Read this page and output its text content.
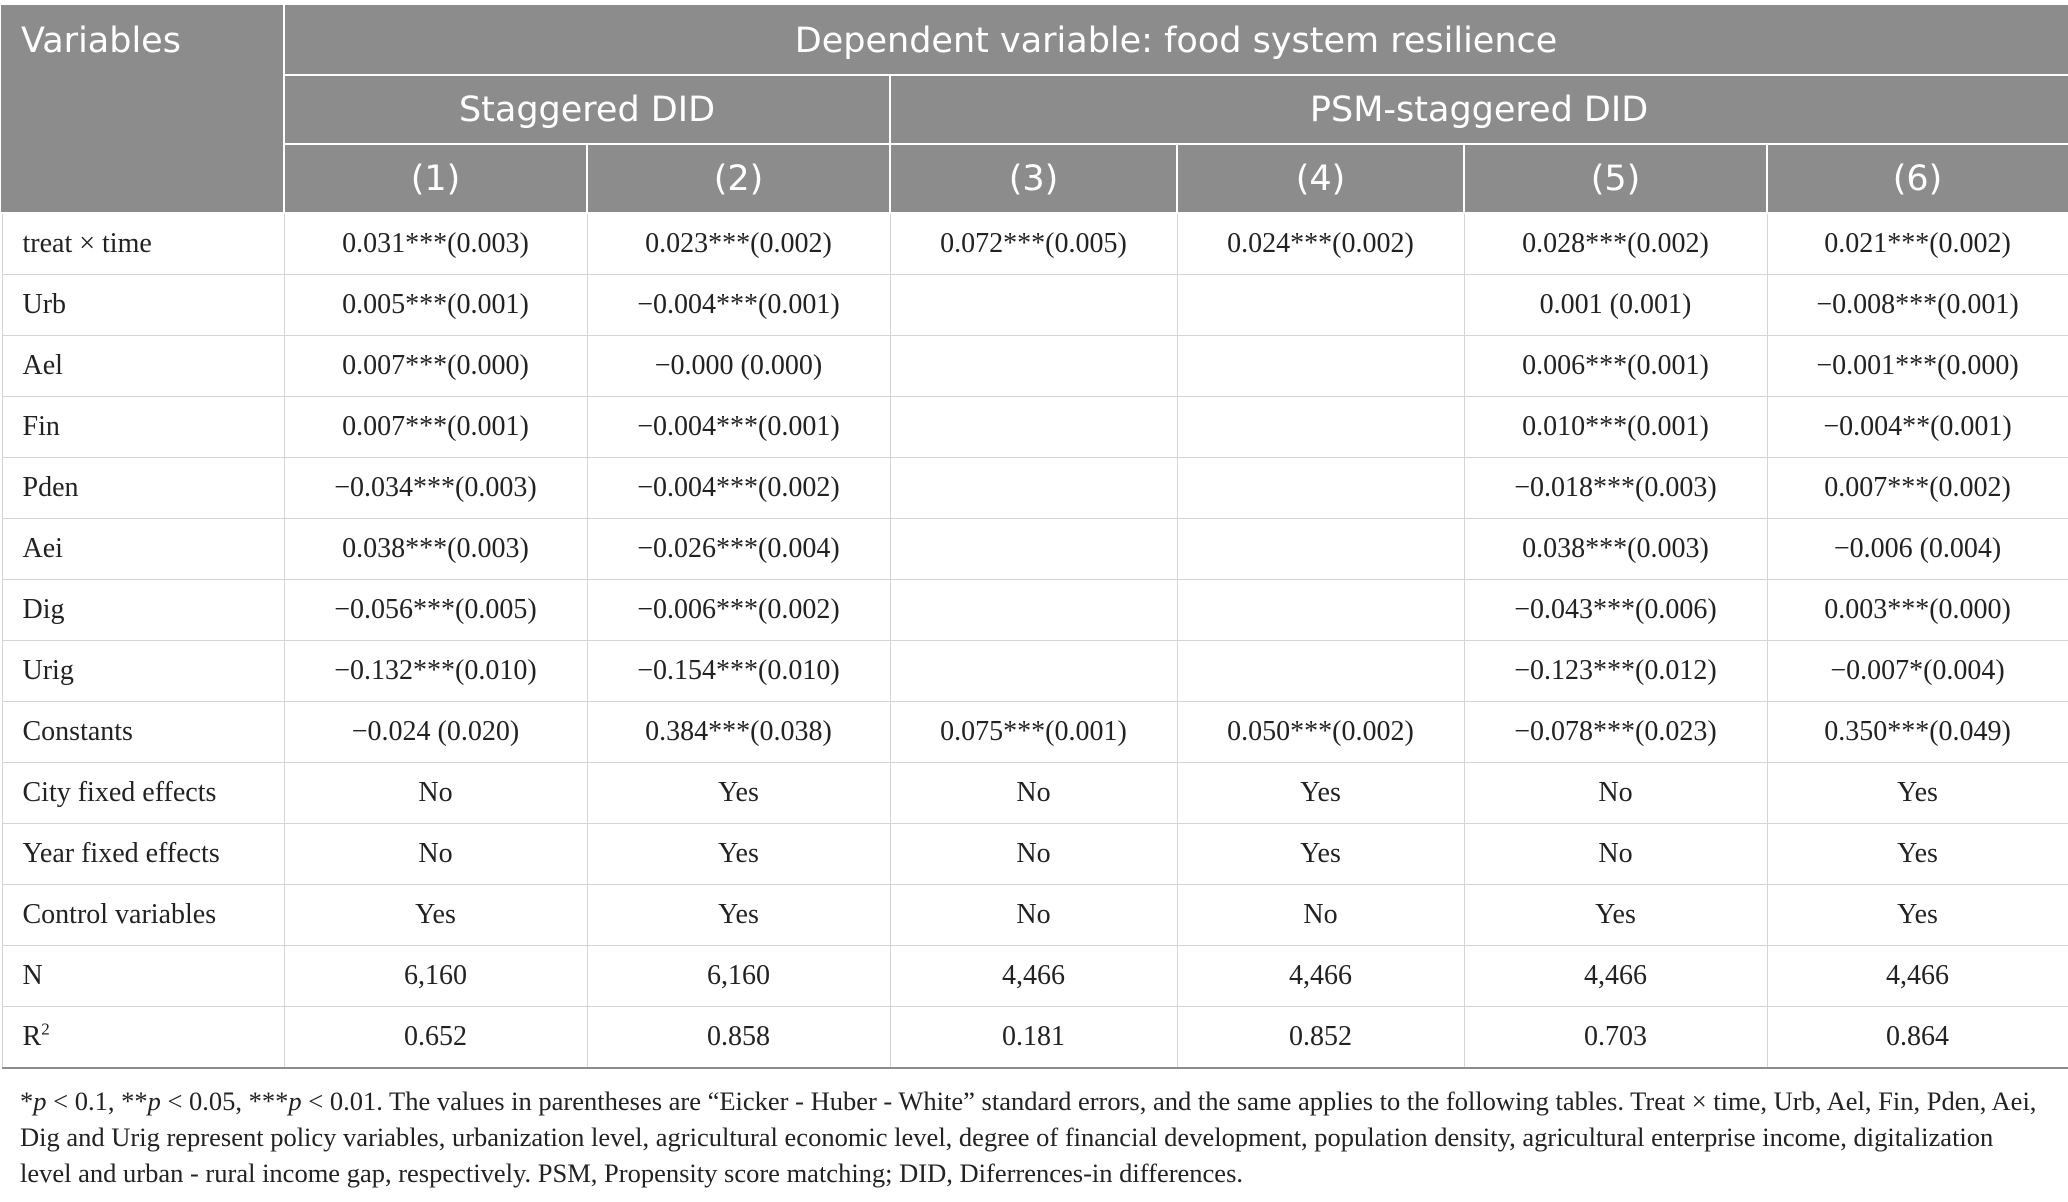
Variables	Dependent variable: food system resilience					
	Staggered DID		PSM-staggered DID			
	(1)	(2)	(3)	(4)	(5)	(6)
treat × time	0.031***(0.003)	0.023***(0.002)	0.072***(0.005)	0.024***(0.002)	0.028***(0.002)	0.021***(0.002)
Urb	0.005***(0.001)	−0.004***(0.001)			0.001 (0.001)	−0.008***(0.001)
Ael	0.007***(0.000)	−0.000 (0.000)			0.006***(0.001)	−0.001***(0.000)
Fin	0.007***(0.001)	−0.004***(0.001)			0.010***(0.001)	−0.004**(0.001)
Pden	−0.034***(0.003)	−0.004***(0.002)			−0.018***(0.003)	0.007***(0.002)
Aei	0.038***(0.003)	−0.026***(0.004)			0.038***(0.003)	−0.006 (0.004)
Dig	−0.056***(0.005)	−0.006***(0.002)			−0.043***(0.006)	0.003***(0.000)
Urig	−0.132***(0.010)	−0.154***(0.010)			−0.123***(0.012)	−0.007*(0.004)
Constants	−0.024 (0.020)	0.384***(0.038)	0.075***(0.001)	0.050***(0.002)	−0.078***(0.023)	0.350***(0.049)
City fixed effects	No	Yes	No	Yes	No	Yes
Year fixed effects	No	Yes	No	Yes	No	Yes
Control variables	Yes	Yes	No	No	Yes	Yes
N	6,160	6,160	4,466	4,466	4,466	4,466
$R^2$	0.652	0.858	0.181	0.852	0.703	0.864
*p < 0.1, **p < 0.05, ***p < 0.01. The values in parentheses are “Eicker - Huber - White” standard errors, and the same applies to the following tables. Treat × time, Urb, Ael, Fin, Pden, Aei, Dig and Urig represent policy variables, urbanization level, agricultural economic level, degree of financial development, population density, agricultural enterprise income, digitalization level and urban - rural income gap, respectively. PSM, Propensity score matching; DID, Diferrences-in differences.
